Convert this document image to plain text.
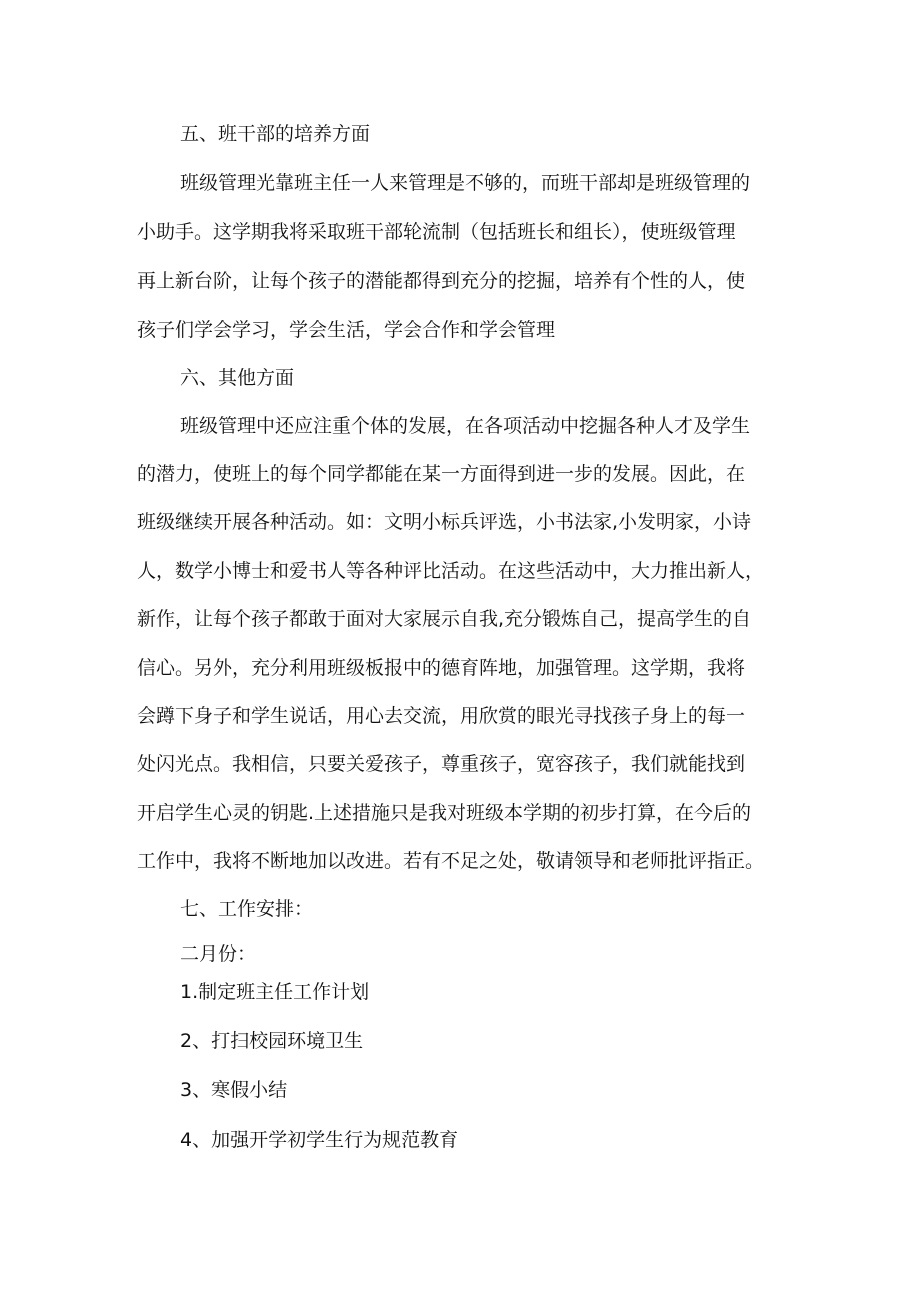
五、班干部的培养方面
班级管理光靠班主任一人来管理是不够的，而班干部却是班级管理的
小助手。这学期我将采取班干部轮流制（包括班长和组长），使班级管理
再上新台阶，让每个孩子的潜能都得到充分的挖掘，培养有个性的人，使
孩子们学会学习，学会生活，学会合作和学会管理
六、其他方面
班级管理中还应注重个体的发展，在各项活动中挖掘各种人才及学生
的潜力，使班上的每个同学都能在某一方面得到进一步的发展。因此，在
班级继续开展各种活动。如：文明小标兵评选，小书法家,小发明家，小诗
人，数学小博士和爱书人等各种评比活动。在这些活动中，大力推出新人，
新作，让每个孩子都敢于面对大家展示自我,充分锻炼自己，提高学生的自
信心。另外，充分利用班级板报中的德育阵地，加强管理。这学期，我将
会蹲下身子和学生说话，用心去交流，用欣赏的眼光寻找孩子身上的每一
处闪光点。我相信，只要关爱孩子，尊重孩子，宽容孩子，我们就能找到
开启学生心灵的钥匙.上述措施只是我对班级本学期的初步打算，在今后的
工作中，我将不断地加以改进。若有不足之处，敬请领导和老师批评指正。
七、工作安排：
二月份：
1.制定班主任工作计划
2、打扫校园环境卫生
3、寒假小结
4、加强开学初学生行为规范教育
